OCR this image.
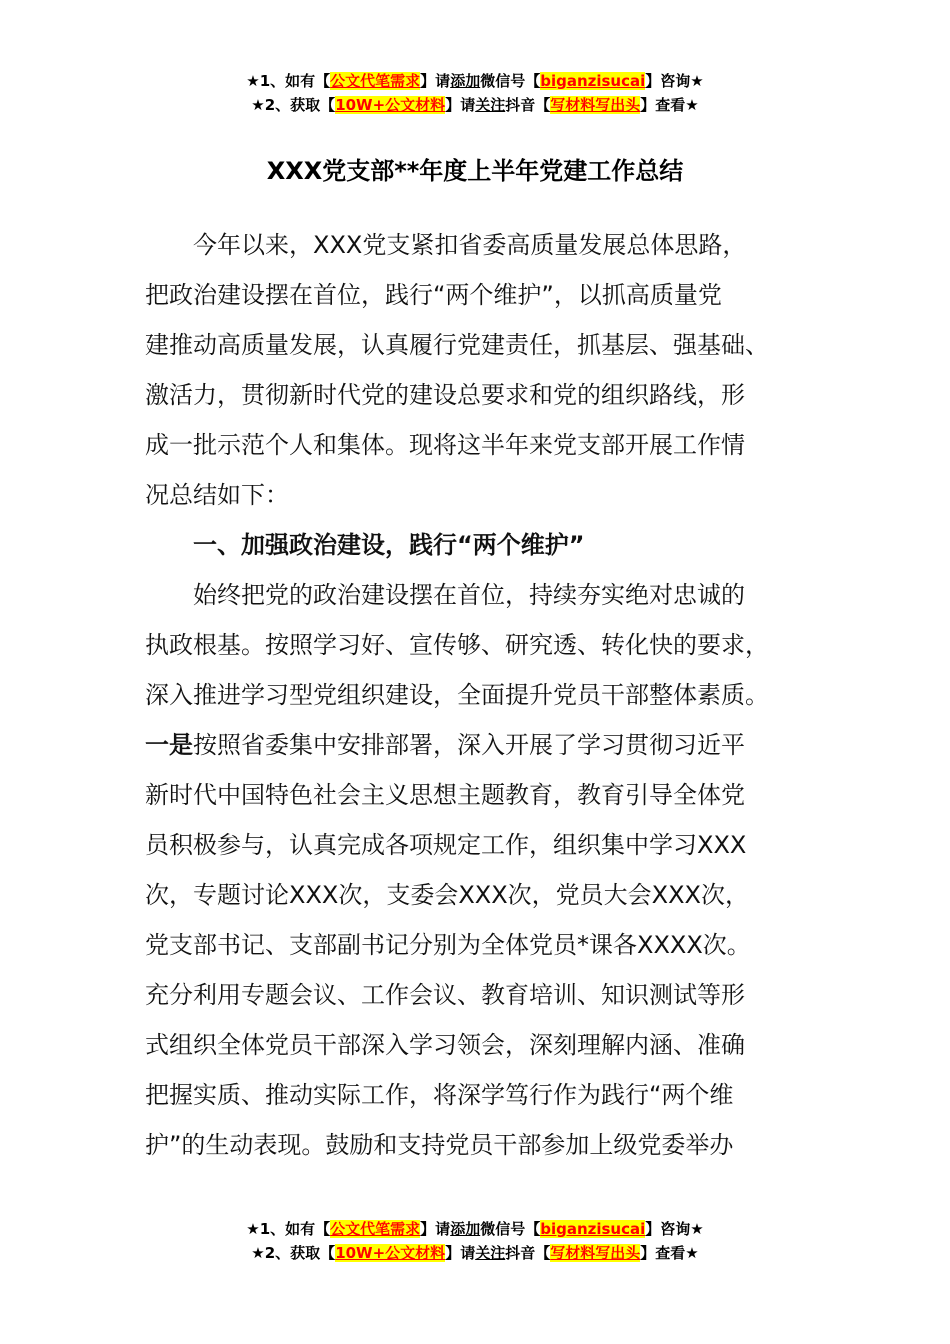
★1、如有【公文代笔需求】请添加微信号【biganzisucai】咨询★
★2、获取【10W+公文材料】请关注抖音【写材料写出头】查看★
XXX党支部**年度上半年党建工作总结
今年以来，XXX党支紧扣省委高质量发展总体思路，
把政治建设摆在首位，践行“两个维护”，以抓高质量党
建推动高质量发展，认真履行党建责任，抓基层、强基础、
激活力，贯彻新时代党的建设总要求和党的组织路线，形
成一批示范个人和集体。现将这半年来党支部开展工作情
况总结如下：
一、加强政治建设，践行“两个维护”
始终把党的政治建设摆在首位，持续夯实绝对忠诚的
执政根基。按照学习好、宣传够、研究透、转化快的要求，
深入推进学习型党组织建设，全面提升党员干部整体素质。
一是按照省委集中安排部署，深入开展了学习贯彻习近平
新时代中国特色社会主义思想主题教育，教育引导全体党
员积极参与，认真完成各项规定工作，组织集中学习XXX
次，专题讨论XXX次，支委会XXX次，党员大会XXX次，
党支部书记、支部副书记分别为全体党员*课各XXXX次。
充分利用专题会议、工作会议、教育培训、知识测试等形
式组织全体党员干部深入学习领会，深刻理解内涵、准确
把握实质、推动实际工作，将深学笃行作为践行“两个维
护”的生动表现。鼓励和支持党员干部参加上级党委举办
★1、如有【公文代笔需求】请添加微信号【biganzisucai】咨询★
★2、获取【10W+公文材料】请关注抖音【写材料写出头】查看★
